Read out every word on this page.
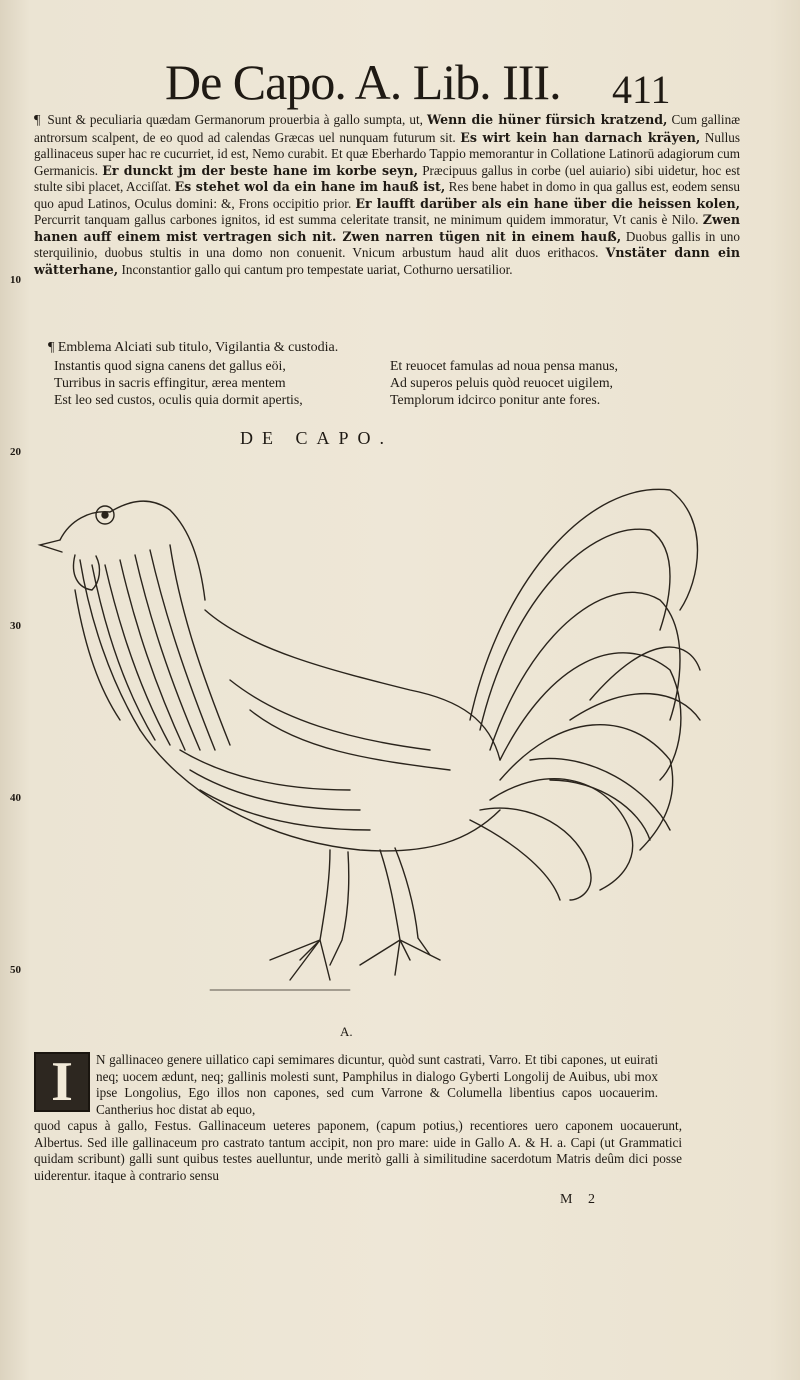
De Capo. A. Lib. III. 411

¶ Sunt & peculiaria quædam Germanorum prouerbia à gallo sumpta, ut, Wenn die hüner fürsich kratzend, Cum gallinæ antrorsum scalpent, de eo quod ad calendas Græcas uel nunquam futurum sit. Es wirt kein han darnach kräyen, Nullus gallinaceus super hac re cucurriet, id est, Nemo curabit. Et quæ Eberhardo Tappio memorantur in Collatione Latinorū adagiorum cum Germanicis. Er dunckt jm der beste hane im korbe seyn, Præcipuus gallus in corbe (uel auiario) sibi uidetur, hoc est stulte sibi placet, Acciſſat. Es stehet wol da ein hane im hauß ist, Res bene habet in domo in qua gallus est, eodem sensu quo apud Latinos, Oculus domini: &, Frons occipitio prior. Er laufft darüber als ein hane über die heissen kolen, Percurrit tanquam gallus carbones ignitos, id est summa celeritate transit, ne minimum quidem immoratur, Vt canis è Nilo. Zwen hanen auff einem mist vertragen sich nit. Zwen narren tügen nit in einem hauß, Duobus gallis in uno sterquilinio, duobus stultis in una domo non conuenit. Vnicum arbustum haud alit duos erithacos. Vnstäter dann ein wätterhane, Inconstantior gallo qui cantum pro tempestate uariat, Cothurno uersatilior.

10
20
30
40
50
¶ Emblema Alciati sub titulo, Vigilantia & custodia.
Instantis quod signa canens det gallus eöi,
Turribus in sacris effingitur, ærea mentem
Est leo sed custos, oculis quia dormit apertis,
Et reuocet famulas ad noua pensa manus,
Ad superos peluis quòd reuocet uigilem,
Templorum idcirco ponitur ante fores.
DE CAPO.
A.
I	N gallinaceo genere uillatico capi semimares dicuntur, quòd sunt castrati, Varro. Et tibi capones, ut euirati neq; uocem ædunt, neq; gallinis molesti sunt, Pamphilus in dialogo Gyberti Longolij de Auibus, ubi mox ipse Longolius, Ego illos non capones, sed cum Varrone & Columella libentius capos uocauerim. Cantherius hoc distat ab equo,
quod capus à gallo, Festus. Gallinaceum ueteres paponem, (capum potius,) recentiores uero caponem uocauerunt, Albertus. Sed ille gallinaceum pro castrato tantum accipit, non pro mare: uide in Gallo A. & H. a. Capi (ut Grammatici quidam scribunt) galli sunt quibus testes auelluntur, unde meritò galli à similitudine sacerdotum Matris deûm dici posse uiderentur. itaque à contrario sensu
M 2
